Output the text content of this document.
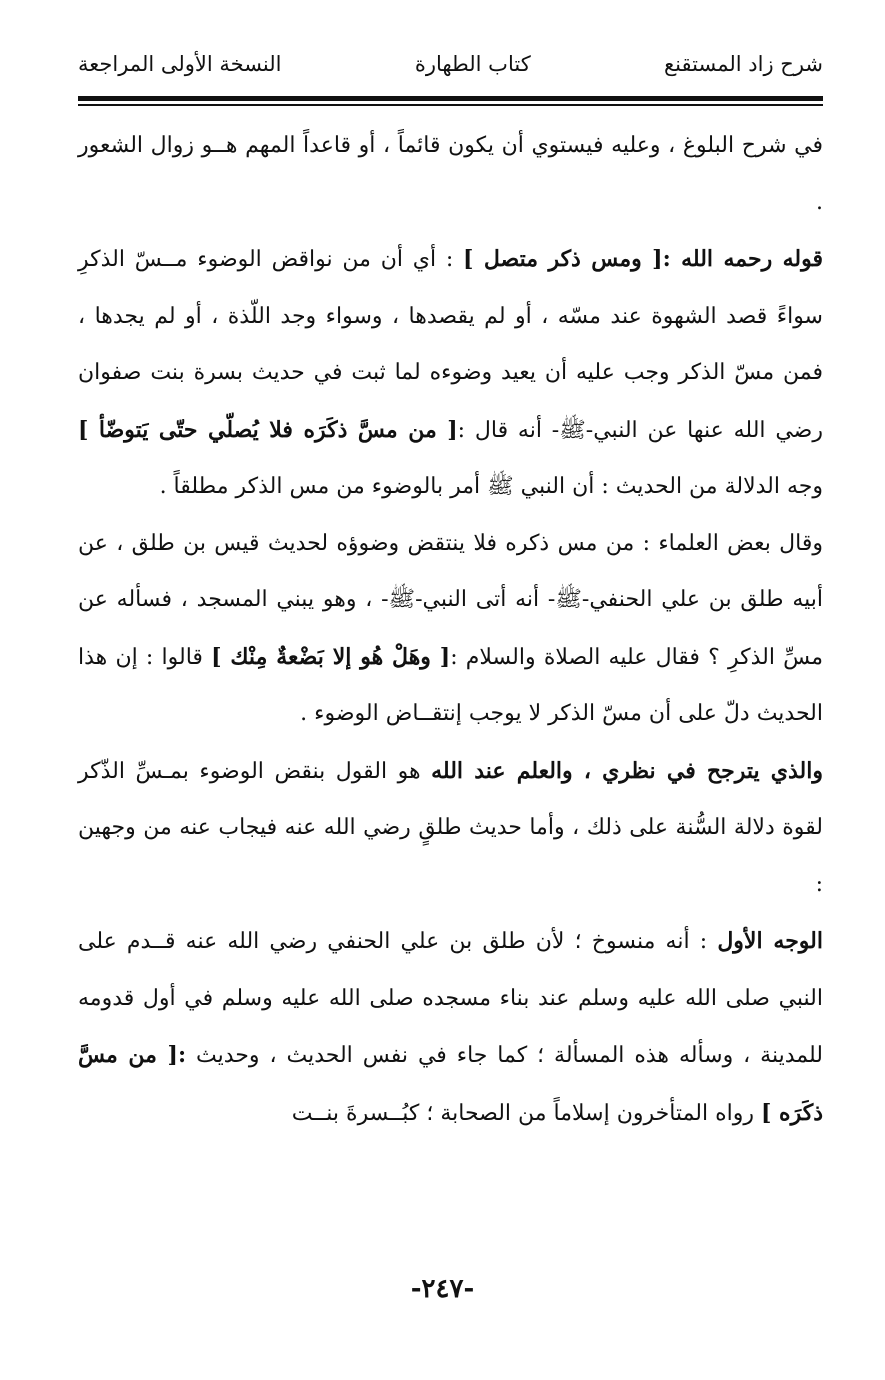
شرح زاد المستقنع
كتاب الطهارة
النسخة الأولى المراجعة

في شرح البلوغ ، وعليه فيستوي أن يكون قائماً ، أو قاعداً المهم هــو زوال الشعور .

قوله رحمه الله :[ ومس ذكر متصل ] : أي أن من نواقض الوضوء مــسّ الذكرِ سواءً قصد الشهوة عند مسّه ، أو لم يقصدها ، وسواء وجد اللّذة ، أو لم يجدها ، فمن مسّ الذكر وجب عليه أن يعيد وضوءه لما ثبت في حديث بسرة بنت صفوان رضي الله عنها عن النبي-ﷺ- أنه قال :[ من مسَّ ذكَرَه فلا يُصلّي حتّى يَتوضّأ ] وجه الدلالة من الحديث : أن النبي ﷺ أمر بالوضوء من مس الذكر مطلقاً .

وقال بعض العلماء : من مس ذكره فلا ينتقض وضوؤه لحديث قيس بن طلق ، عن أبيه طلق بن علي الحنفي-ﷺ- أنه أتى النبي-ﷺ- ، وهو يبني المسجد ، فسأله عن مسِّ الذكرِ ؟ فقال عليه الصلاة والسلام :[ وهَلْ هُو إلا بَضْعةٌ مِنْك ] قالوا : إن هذا الحديث دلّ على أن مسّ الذكر لا يوجب إنتقــاض الوضوء .

والذي يترجح في نظري ، والعلم عند الله هو القول بنقض الوضوء بمـسِّ الذّكر لقوة دلالة السُّنة على ذلك ، وأما حديث طلقٍ رضي الله عنه فيجاب عنه من وجهين :

الوجه الأول : أنه منسوخ ؛ لأن طلق بن علي الحنفي رضي الله عنه قــدم على النبي صلى الله عليه وسلم عند بناء مسجده صلى الله عليه وسلم في أول قدومه للمدينة ، وسأله هذه المسألة ؛ كما جاء في نفس الحديث ، وحديث :[ من مسَّ ذكَرَه ] رواه المتأخرون إسلاماً من الصحابة ؛ كبُــسرةَ بنــت

-٢٤٧-
